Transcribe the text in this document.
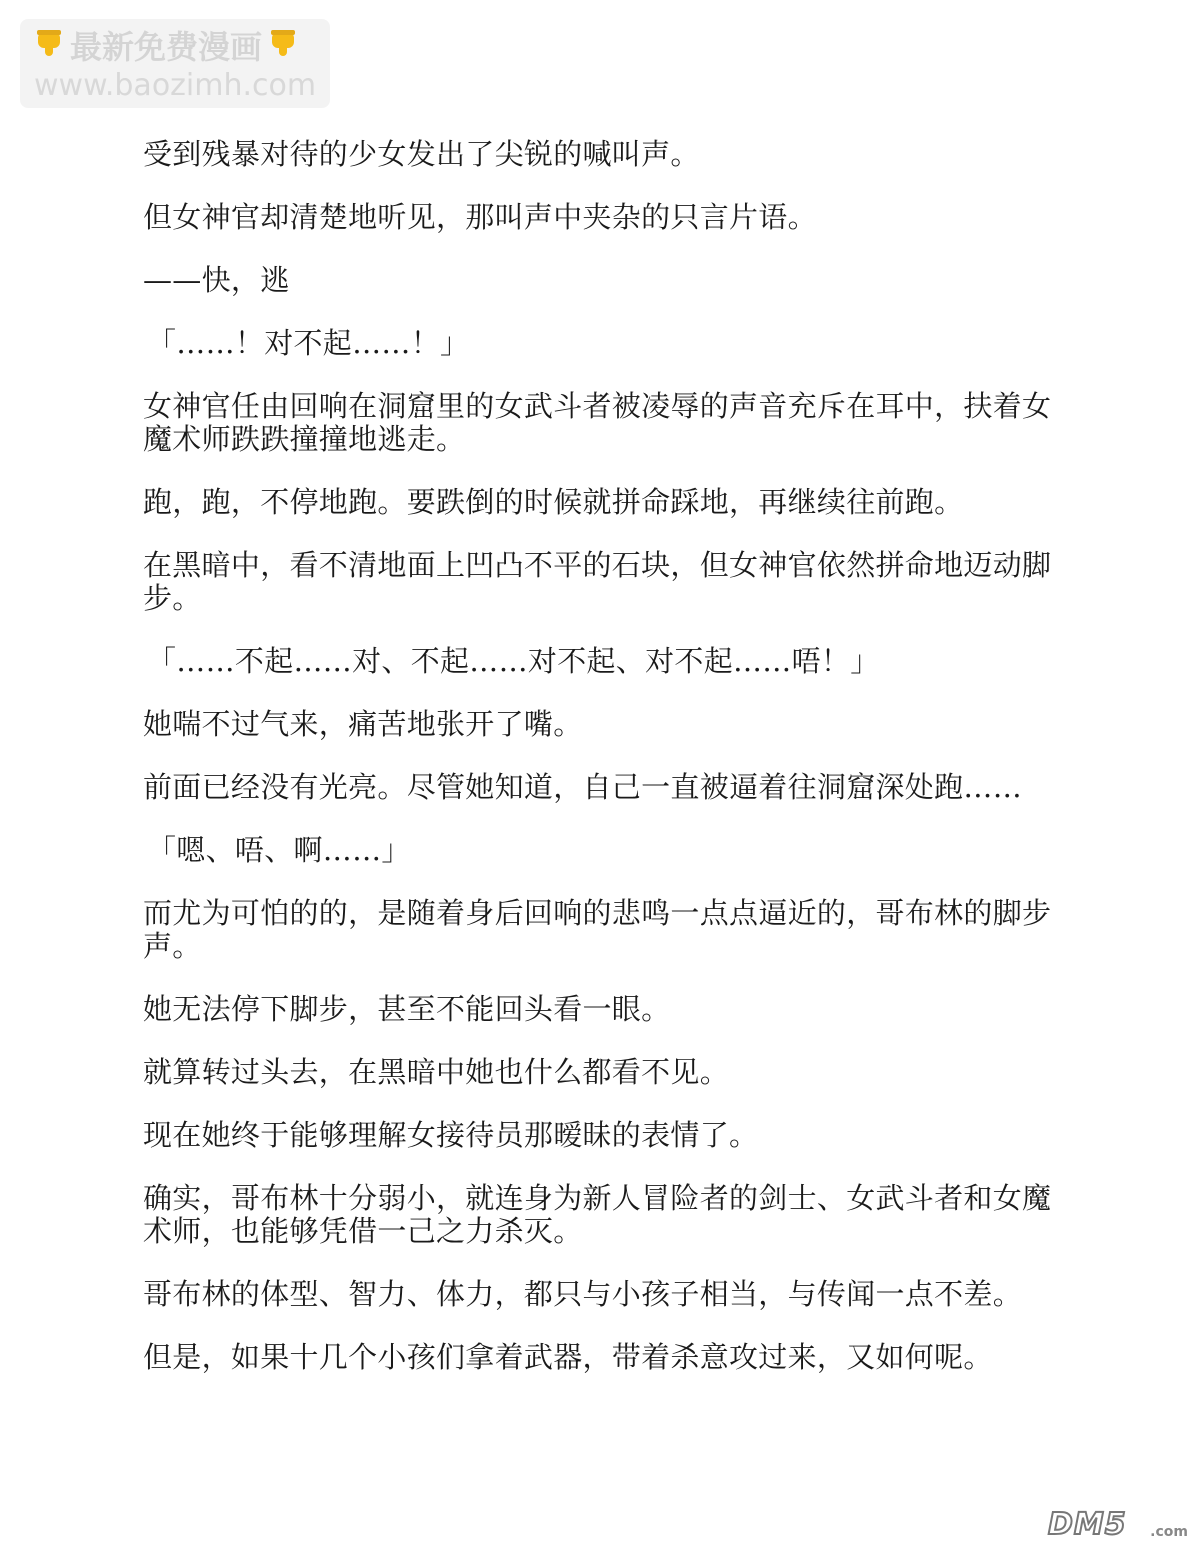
最新免费漫画
www.baozimh.com

受到残暴对待的少女发出了尖锐的喊叫声。

但女神官却清楚地听见，那叫声中夹杂的只言片语。

——快，逃

「……！对不起……！」

女神官任由回响在洞窟里的女武斗者被凌辱的声音充斥在耳中，扶着女魔术师跌跌撞撞地逃走。

跑，跑，不停地跑。要跌倒的时候就拼命踩地，再继续往前跑。

在黑暗中，看不清地面上凹凸不平的石块，但女神官依然拼命地迈动脚步。

「……不起……对、不起……对不起、对不起……唔！」

她喘不过气来，痛苦地张开了嘴。

前面已经没有光亮。尽管她知道，自己一直被逼着往洞窟深处跑……

「嗯、唔、啊……」

而尤为可怕的的，是随着身后回响的悲鸣一点点逼近的，哥布林的脚步声。

她无法停下脚步，甚至不能回头看一眼。

就算转过头去，在黑暗中她也什么都看不见。

现在她终于能够理解女接待员那暧昧的表情了。

确实，哥布林十分弱小，就连身为新人冒险者的剑士、女武斗者和女魔术师，也能够凭借一己之力杀灭。

哥布林的体型、智力、体力，都只与小孩子相当，与传闻一点不差。

但是，如果十几个小孩们拿着武器，带着杀意攻过来，又如何呢。

DM5 .com
